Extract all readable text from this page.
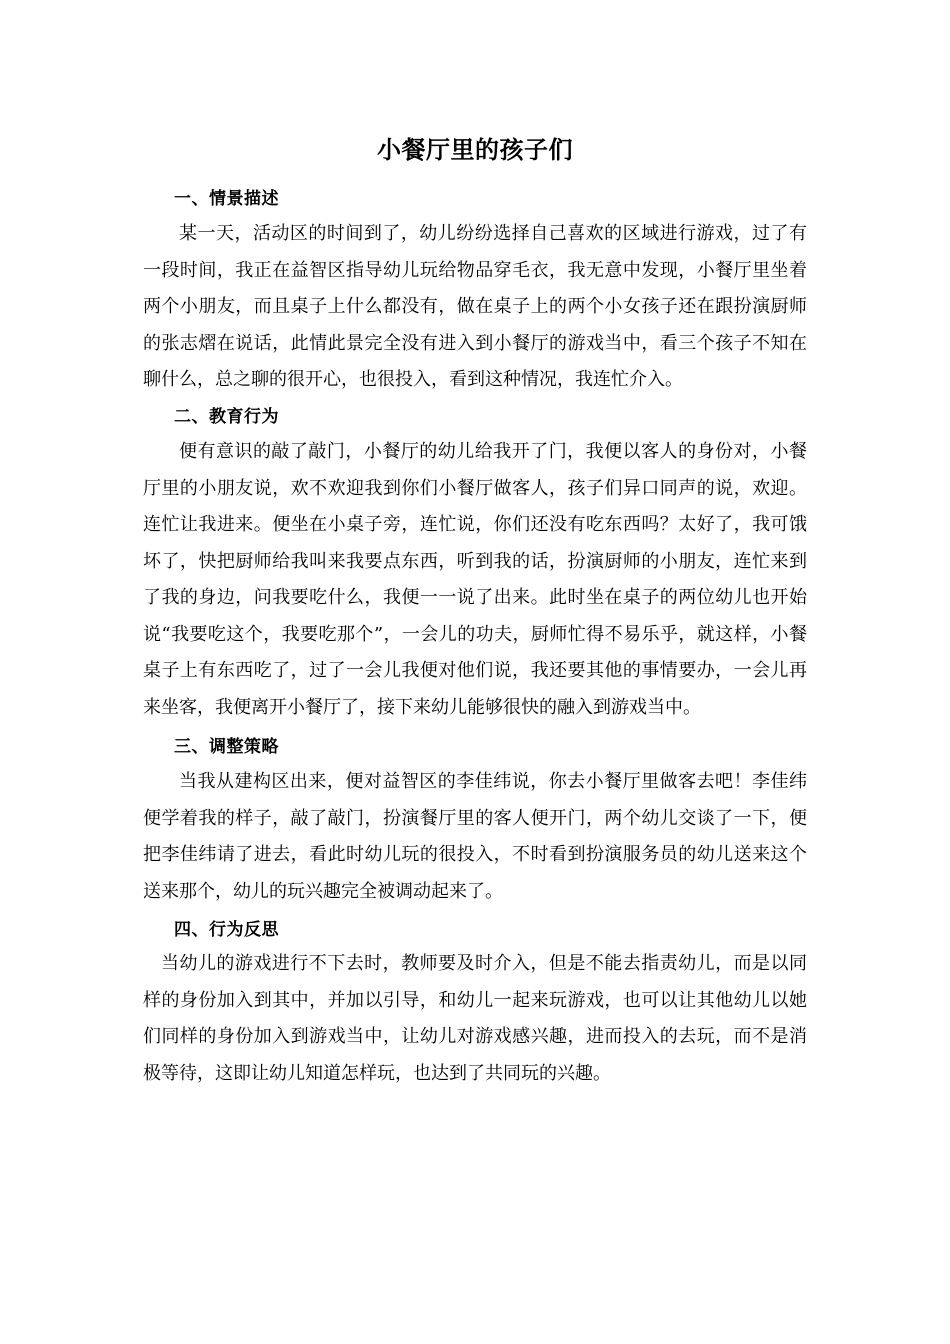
小餐厅里的孩子们
一、情景描述
某一天，活动区的时间到了，幼儿纷纷选择自己喜欢的区域进行游戏，过了有一段时间，我正在益智区指导幼儿玩给物品穿毛衣，我无意中发现，小餐厅里坐着两个小朋友，而且桌子上什么都没有，做在桌子上的两个小女孩子还在跟扮演厨师的张志熠在说话，此情此景完全没有进入到小餐厅的游戏当中，看三个孩子不知在聊什么，总之聊的很开心，也很投入，看到这种情况，我连忙介入。
二、教育行为
便有意识的敲了敲门，小餐厅的幼儿给我开了门，我便以客人的身份对，小餐厅里的小朋友说，欢不欢迎我到你们小餐厅做客人，孩子们异口同声的说，欢迎。连忙让我进来。便坐在小桌子旁，连忙说，你们还没有吃东西吗？太好了，我可饿坏了，快把厨师给我叫来我要点东西，听到我的话，扮演厨师的小朋友，连忙来到了我的身边，问我要吃什么，我便一一说了出来。此时坐在桌子的两位幼儿也开始说“我要吃这个，我要吃那个”，一会儿的功夫，厨师忙得不易乐乎，就这样，小餐桌子上有东西吃了，过了一会儿我便对他们说，我还要其他的事情要办，一会儿再来坐客，我便离开小餐厅了，接下来幼儿能够很快的融入到游戏当中。
三、调整策略
当我从建构区出来，便对益智区的李佳纬说，你去小餐厅里做客去吧！李佳纬便学着我的样子，敲了敲门，扮演餐厅里的客人便开门，两个幼儿交谈了一下，便把李佳纬请了进去，看此时幼儿玩的很投入，不时看到扮演服务员的幼儿送来这个送来那个，幼儿的玩兴趣完全被调动起来了。
四、行为反思
当幼儿的游戏进行不下去时，教师要及时介入，但是不能去指责幼儿，而是以同样的身份加入到其中，并加以引导，和幼儿一起来玩游戏，也可以让其他幼儿以她们同样的身份加入到游戏当中，让幼儿对游戏感兴趣，进而投入的去玩，而不是消极等待，这即让幼儿知道怎样玩，也达到了共同玩的兴趣。
